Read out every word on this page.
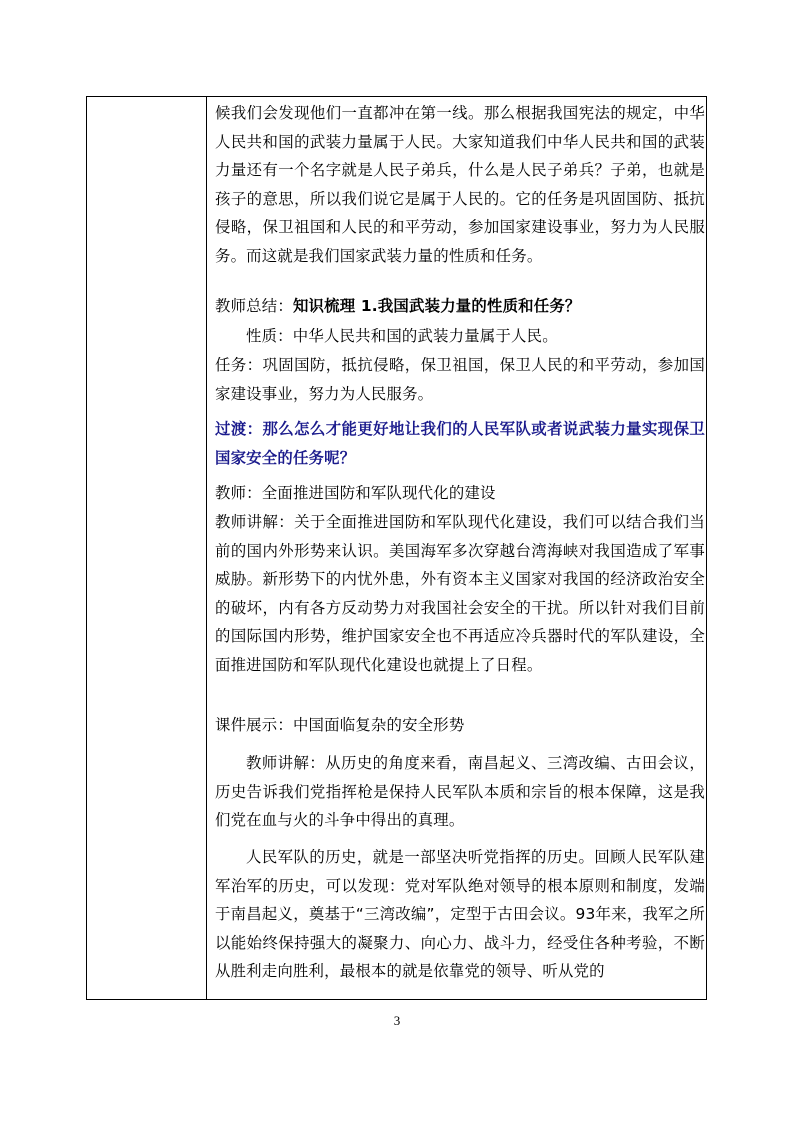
候我们会发现他们一直都冲在第一线。那么根据我国宪法的规定，中华人民共和国的武装力量属于人民。大家知道我们中华人民共和国的武装力量还有一个名字就是人民子弟兵，什么是人民子弟兵？子弟，也就是孩子的意思，所以我们说它是属于人民的。它的任务是巩固国防、抵抗侵略，保卫祖国和人民的和平劳动，参加国家建设事业，努力为人民服务。而这就是我们国家武装力量的性质和任务。

教师总结：知识梳理 1.我国武装力量的性质和任务？

性质：中华人民共和国的武装力量属于人民。

任务：巩固国防，抵抗侵略，保卫祖国，保卫人民的和平劳动，参加国家建设事业，努力为人民服务。

过渡：那么怎么才能更好地让我们的人民军队或者说武装力量实现保卫国家安全的任务呢？

教师：全面推进国防和军队现代化的建设

教师讲解：关于全面推进国防和军队现代化建设，我们可以结合我们当前的国内外形势来认识。美国海军多次穿越台湾海峡对我国造成了军事威胁。新形势下的内忧外患，外有资本主义国家对我国的经济政治安全的破坏，内有各方反动势力对我国社会安全的干扰。所以针对我们目前的国际国内形势，维护国家安全也不再适应冷兵器时代的军队建设，全面推进国防和军队现代化建设也就提上了日程。

课件展示：中国面临复杂的安全形势

教师讲解：从历史的角度来看，南昌起义、三湾改编、古田会议，历史告诉我们党指挥枪是保持人民军队本质和宗旨的根本保障，这是我们党在血与火的斗争中得出的真理。

人民军队的历史，就是一部坚决听党指挥的历史。回顾人民军队建军治军的历史，可以发现：党对军队绝对领导的根本原则和制度，发端于南昌起义，奠基于“三湾改编”，定型于古田会议。93年来，我军之所以能始终保持强大的凝聚力、向心力、战斗力，经受住各种考验，不断从胜利走向胜利，最根本的就是依靠党的领导、听从党的

3
